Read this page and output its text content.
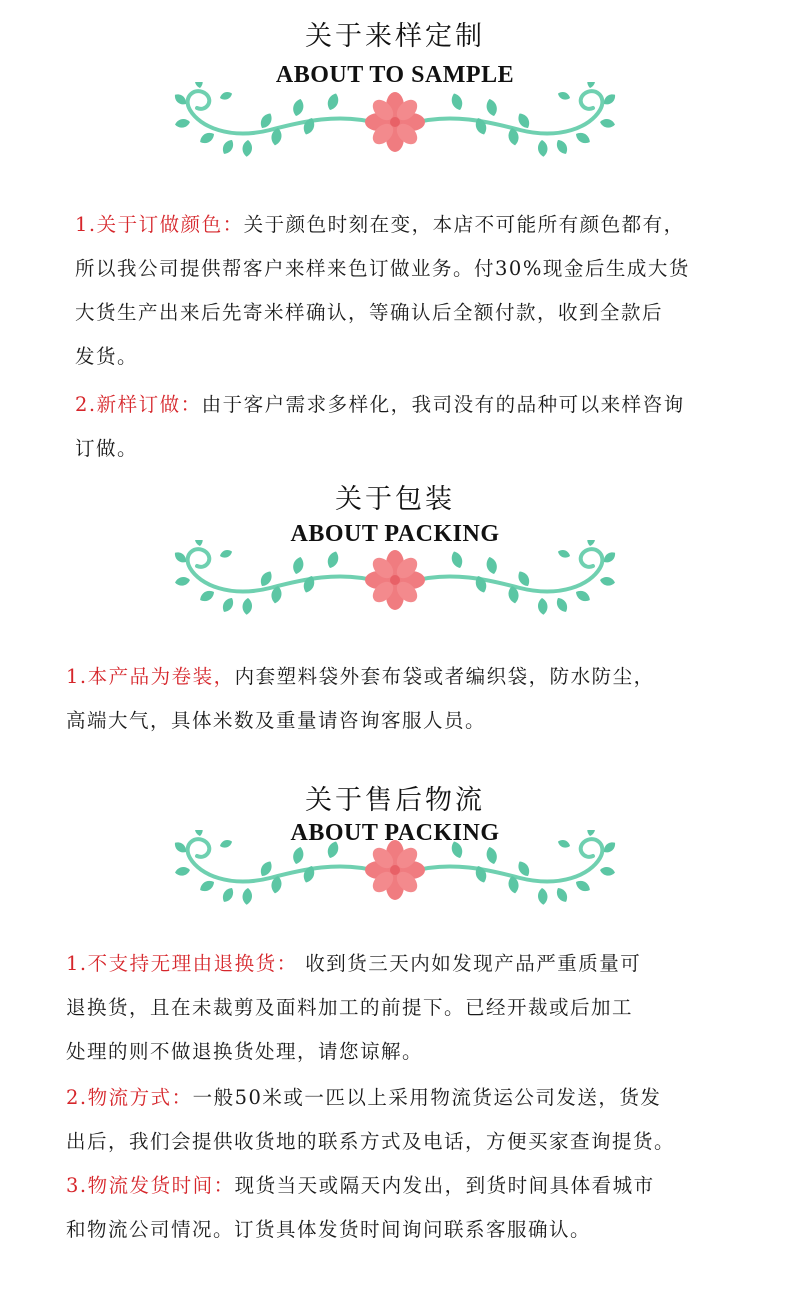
关于来样定制
ABOUT TO SAMPLE
1.关于订做颜色：关于颜色时刻在变，本店不可能所有颜色都有，
所以我公司提供帮客户来样来色订做业务。付30%现金后生成大货
大货生产出来后先寄米样确认，等确认后全额付款，收到全款后
发货。
2.新样订做：由于客户需求多样化，我司没有的品种可以来样咨询
订做。
关于包装
ABOUT PACKING
1.本产品为卷装，内套塑料袋外套布袋或者编织袋，防水防尘，
高端大气，具体米数及重量请咨询客服人员。
关于售后物流
ABOUT PACKING
1.不支持无理由退换货： 收到货三天内如发现产品严重质量可
退换货，且在未裁剪及面料加工的前提下。已经开裁或后加工
处理的则不做退换货处理，请您谅解。
2.物流方式：一般50米或一匹以上采用物流货运公司发送，货发
出后，我们会提供收货地的联系方式及电话，方便买家查询提货。
3.物流发货时间：现货当天或隔天内发出，到货时间具体看城市
和物流公司情况。订货具体发货时间询问联系客服确认。
